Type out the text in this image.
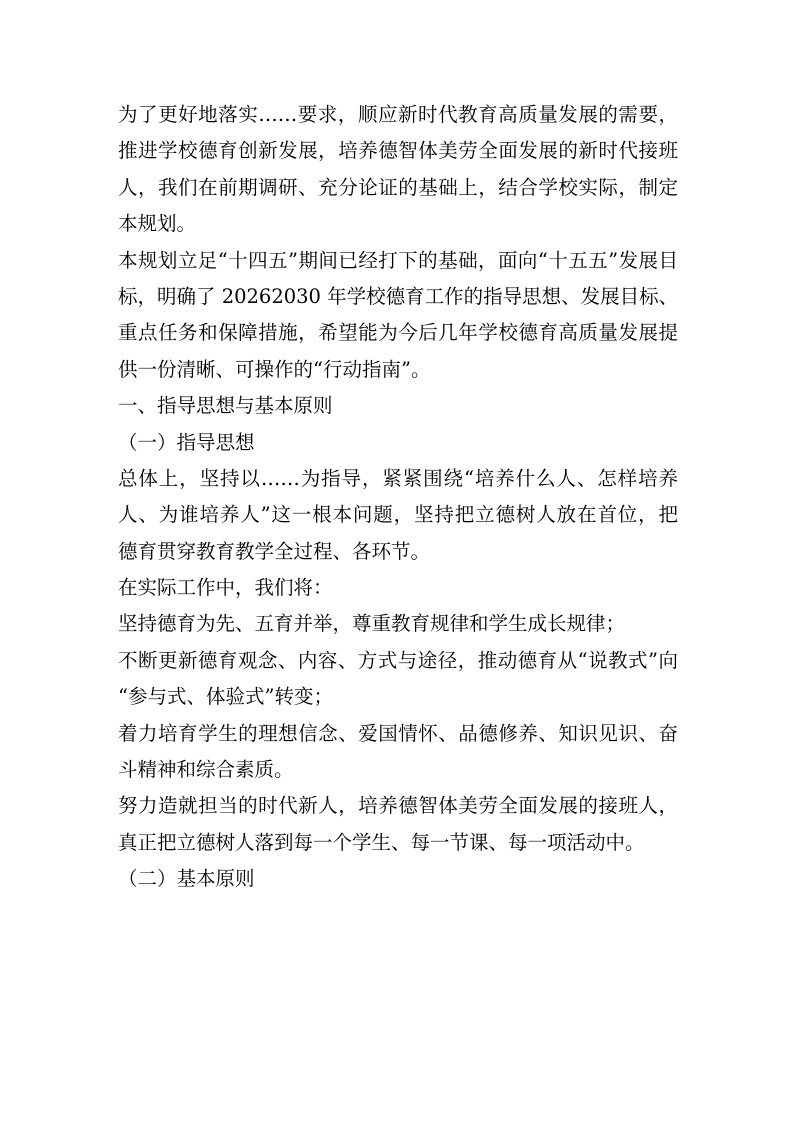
为了更好地落实……要求，顺应新时代教育高质量发展的需要，
推进学校德育创新发展，培养德智体美劳全面发展的新时代接班
人，我们在前期调研、充分论证的基础上，结合学校实际，制定
本规划。
本规划立足“十四五”期间已经打下的基础，面向“十五五”发展目
标，明确了 20262030 年学校德育工作的指导思想、发展目标、
重点任务和保障措施，希望能为今后几年学校德育高质量发展提
供一份清晰、可操作的“行动指南”。
一、指导思想与基本原则
（一）指导思想
总体上，坚持以……为指导，紧紧围绕“培养什么人、怎样培养
人、为谁培养人”这一根本问题，坚持把立德树人放在首位，把
德育贯穿教育教学全过程、各环节。
在实际工作中，我们将：
坚持德育为先、五育并举，尊重教育规律和学生成长规律；
不断更新德育观念、内容、方式与途径，推动德育从“说教式”向
“参与式、体验式”转变；
着力培育学生的理想信念、爱国情怀、品德修养、知识见识、奋
斗精神和综合素质。
努力造就担当的时代新人，培养德智体美劳全面发展的接班人，
真正把立德树人落到每一个学生、每一节课、每一项活动中。
（二）基本原则
